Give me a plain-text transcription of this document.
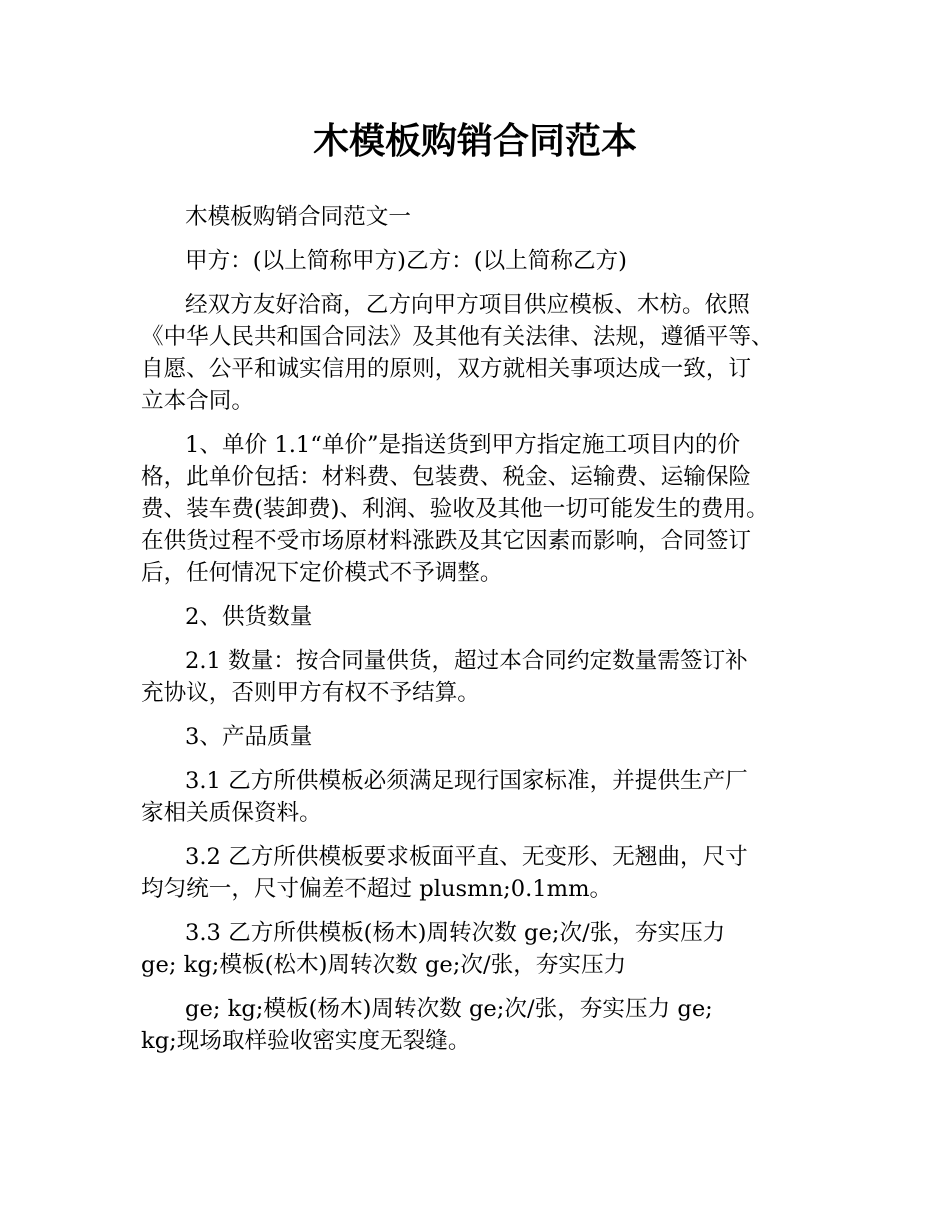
木模板购销合同范本

木模板购销合同范文一

甲方：(以上简称甲方)乙方：(以上简称乙方)

经双方友好洽商，乙方向甲方项目供应模板、木枋。依照
《中华人民共和国合同法》及其他有关法律、法规，遵循平等、
自愿、公平和诚实信用的原则，双方就相关事项达成一致，订
立本合同。

1、单价 1.1“单价”是指送货到甲方指定施工项目内的价
格，此单价包括：材料费、包装费、税金、运输费、运输保险
费、装车费(装卸费)、利润、验收及其他一切可能发生的费用。
在供货过程不受市场原材料涨跌及其它因素而影响，合同签订
后，任何情况下定价模式不予调整。

2、供货数量

2.1 数量：按合同量供货，超过本合同约定数量需签订补
充协议，否则甲方有权不予结算。

3、产品质量

3.1 乙方所供模板必须满足现行国家标准，并提供生产厂
家相关质保资料。

3.2 乙方所供模板要求板面平直、无变形、无翘曲，尺寸
均匀统一，尺寸偏差不超过 plusmn;0.1mm。

3.3 乙方所供模板(杨木)周转次数 ge;次/张，夯实压力
ge; kg;模板(松木)周转次数 ge;次/张，夯实压力

ge; kg;模板(杨木)周转次数 ge;次/张，夯实压力 ge;
kg;现场取样验收密实度无裂缝。
